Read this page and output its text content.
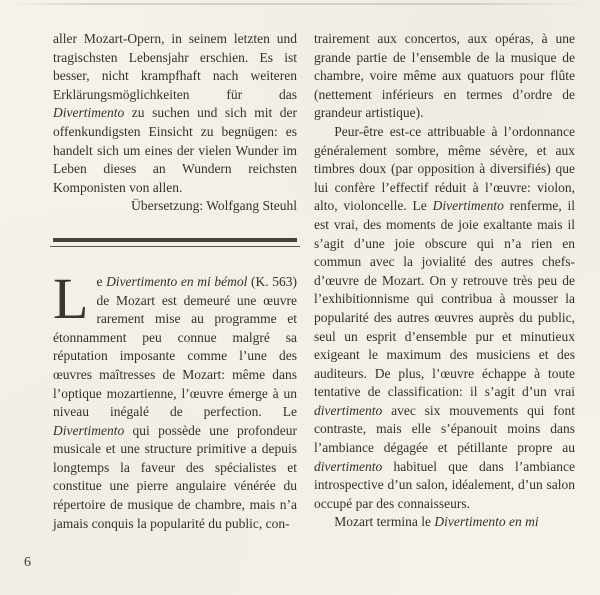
aller Mozart-Opern, in seinem letzten und tragischsten Lebensjahr erschien. Es ist besser, nicht krampfhaft nach weiteren Erklärungsmöglichkeiten für das Divertimento zu suchen und sich mit der offenkundigsten Einsicht zu begnügen: es handelt sich um eines der vielen Wunder im Leben dieses an Wundern reichsten Komponisten von allen.

Übersetzung: Wolfgang Steuhl

Le Divertimento en mi bémol (K. 563) de Mozart est demeuré une œuvre rarement mise au programme et étonnamment peu connue malgré sa réputation imposante comme l’une des œuvres maîtresses de Mozart: même dans l’optique mozartienne, l’œuvre émerge à un niveau inégalé de perfection. Le Divertimento qui possède une profondeur musicale et une structure primitive a depuis longtemps la faveur des spécialistes et constitue une pierre angulaire vénérée du répertoire de musique de chambre, mais n’a jamais conquis la popularité du public, con-

trairement aux concertos, aux opéras, à une grande partie de l’ensemble de la musique de chambre, voire même aux quatuors pour flûte (nettement inférieurs en termes d’ordre de grandeur artistique).

Peur-être est-ce attribuable à l’ordonnance généralement sombre, même sévère, et aux timbres doux (par opposition à diversifiés) que lui confère l’effectif réduit à l’œuvre: violon, alto, violoncelle. Le Divertimento renferme, il est vrai, des moments de joie exaltante mais il s’agit d’une joie obscure qui n’a rien en commun avec la jovialité des autres chefs-d’œuvre de Mozart. On y retrouve très peu de l’exhibitionnisme qui contribua à mousser la popularité des autres œuvres auprès du public, seul un esprit d’ensemble pur et minutieux exigeant le maximum des musiciens et des auditeurs. De plus, l’œuvre échappe à toute tentative de classification: il s’agit d’un vrai divertimento avec six mouvements qui font contraste, mais elle s’épanouit moins dans l’ambiance dégagée et pétillante propre au divertimento habituel que dans l’ambiance introspective d’un salon, idéalement, d’un salon occupé par des connaisseurs.

Mozart termina le Divertimento en mi

6
